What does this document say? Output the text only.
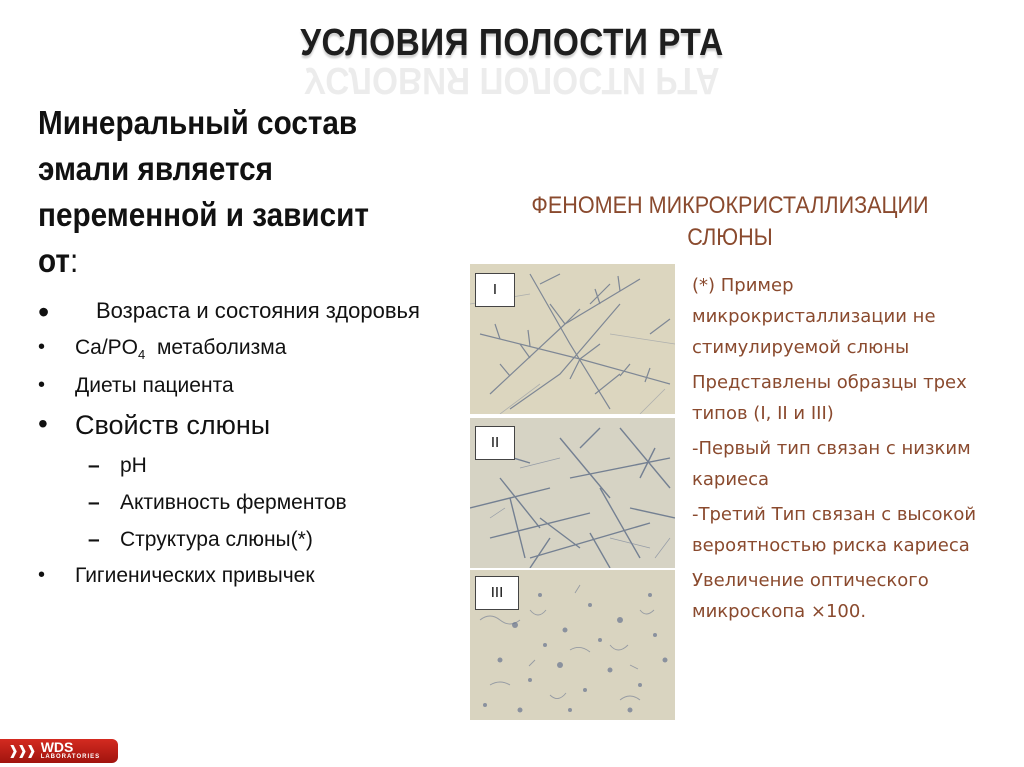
УСЛОВИЯ ПОЛОСТИ РТА
УСЛОВИЯ ПОЛОСТИ РТА
Минеральный состав
эмали является
переменной и зависит
от:
• Возраста и состояния здоровья
• $Ca/PO_4$ метаболизма
• Диеты пациента
• Свойств слюны
– pH
– Активность ферментов
– Структура слюны(*)
• Гигиенических привычек
ФЕНОМЕН МИКРОКРИСТАЛЛИЗАЦИИ
СЛЮНЫ
I
II
III

(*) Пример микрокристаллизации не стимулируемой слюны

Представлены образцы трех типов (I, II и III)

-Первый тип связан с низким кариеса

-Третий Тип связан с высокой вероятностью риска кариеса

Увеличение оптического микроскопа ×100.

❱❱❱ WDS
LABORATORIES
